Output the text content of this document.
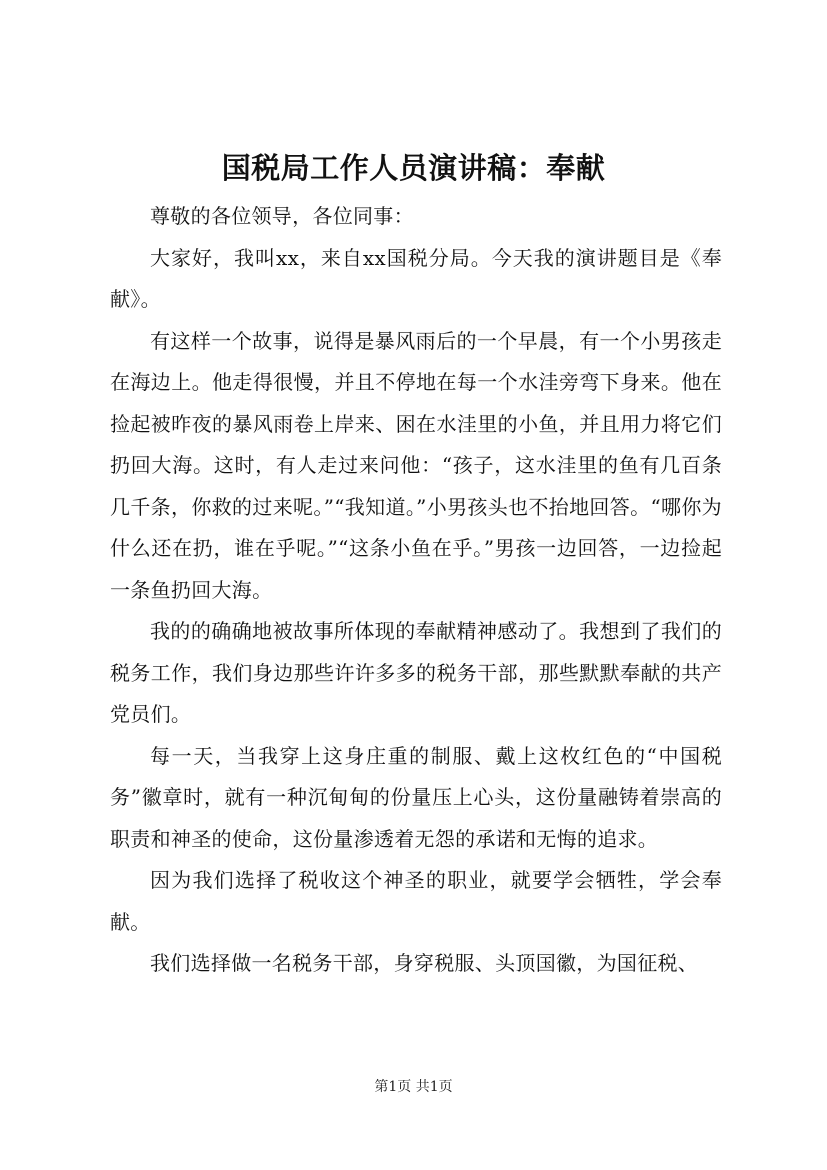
国税局工作人员演讲稿：奉献

尊敬的各位领导，各位同事：

大家好，我叫xx，来自xx国税分局。今天我的演讲题目是《奉献》。

有这样一个故事，说得是暴风雨后的一个早晨，有一个小男孩走在海边上。他走得很慢，并且不停地在每一个水洼旁弯下身来。他在捡起被昨夜的暴风雨卷上岸来、困在水洼里的小鱼，并且用力将它们扔回大海。这时，有人走过来问他：“孩子，这水洼里的鱼有几百条几千条，你救的过来呢。”“我知道。”小男孩头也不抬地回答。“哪你为什么还在扔，谁在乎呢。”“这条小鱼在乎。”男孩一边回答，一边捡起一条鱼扔回大海。

我的的确确地被故事所体现的奉献精神感动了。我想到了我们的税务工作，我们身边那些许许多多的税务干部，那些默默奉献的共产党员们。

每一天，当我穿上这身庄重的制服、戴上这枚红色的“中国税务”徽章时，就有一种沉甸甸的份量压上心头，这份量融铸着崇高的职责和神圣的使命，这份量渗透着无怨的承诺和无悔的追求。

因为我们选择了税收这个神圣的职业，就要学会牺牲，学会奉献。

我们选择做一名税务干部，身穿税服、头顶国徽，为国征税、

第1页 共1页
